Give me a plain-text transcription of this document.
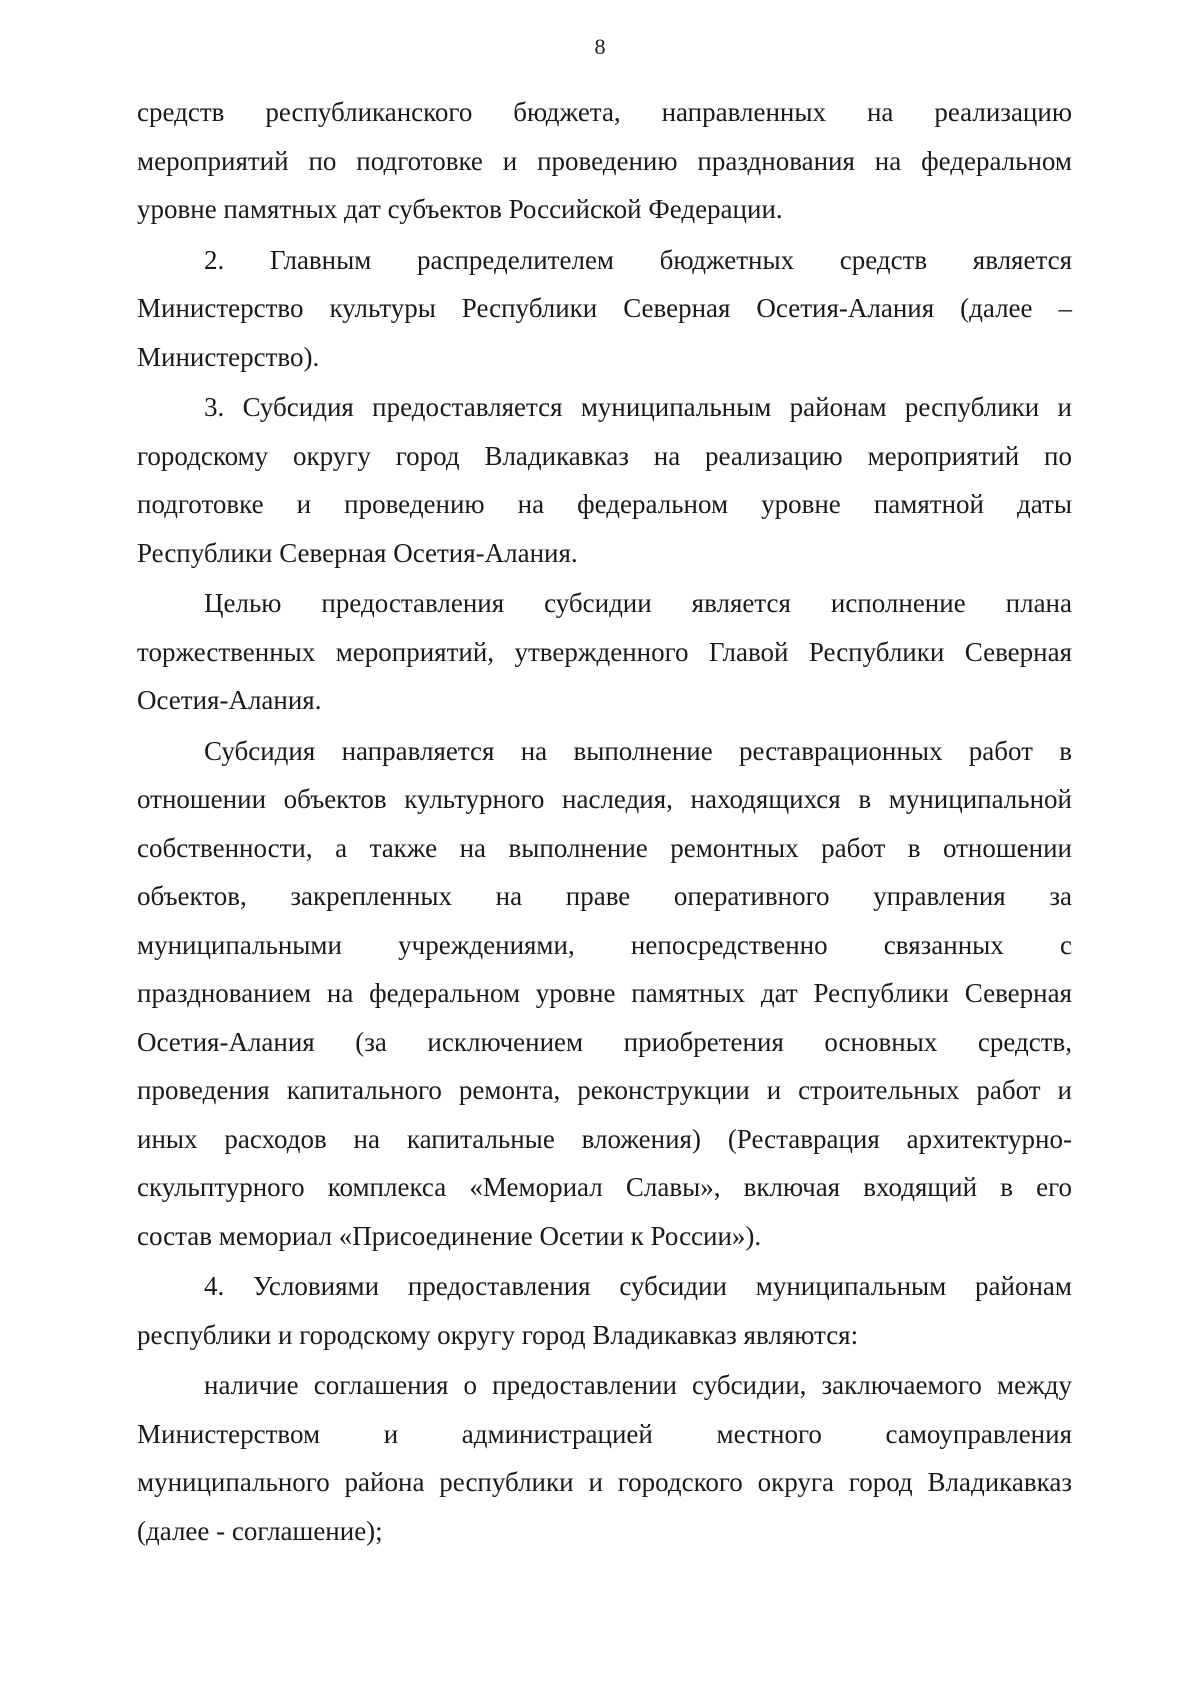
8
средств республиканского бюджета, направленных на реализацию
мероприятий по подготовке и проведению празднования на федеральном
уровне памятных дат субъектов Российской Федерации.
2. Главным распределителем бюджетных средств является
Министерство культуры Республики Северная Осетия-Алания (далее –
Министерство).
3. Субсидия предоставляется муниципальным районам республики и
городскому округу город Владикавказ на реализацию мероприятий по
подготовке и проведению на федеральном уровне памятной даты
Республики Северная Осетия-Алания.
Целью предоставления субсидии является исполнение плана
торжественных мероприятий, утвержденного Главой Республики Северная
Осетия-Алания.
Субсидия направляется на выполнение реставрационных работ в
отношении объектов культурного наследия, находящихся в муниципальной
собственности, а также на выполнение ремонтных работ в отношении
объектов, закрепленных на праве оперативного управления за
муниципальными учреждениями, непосредственно связанных с
празднованием на федеральном уровне памятных дат Республики Северная
Осетия-Алания (за исключением приобретения основных средств,
проведения капитального ремонта, реконструкции и строительных работ и
иных расходов на капитальные вложения) (Реставрация архитектурно-
скульптурного комплекса «Мемориал Славы», включая входящий в его
состав мемориал «Присоединение Осетии к России»).
4. Условиями предоставления субсидии муниципальным районам
республики и городскому округу город Владикавказ являются:
наличие соглашения о предоставлении субсидии, заключаемого между
Министерством и администрацией местного самоуправления
муниципального района республики и городского округа город Владикавказ
(далее - соглашение);
